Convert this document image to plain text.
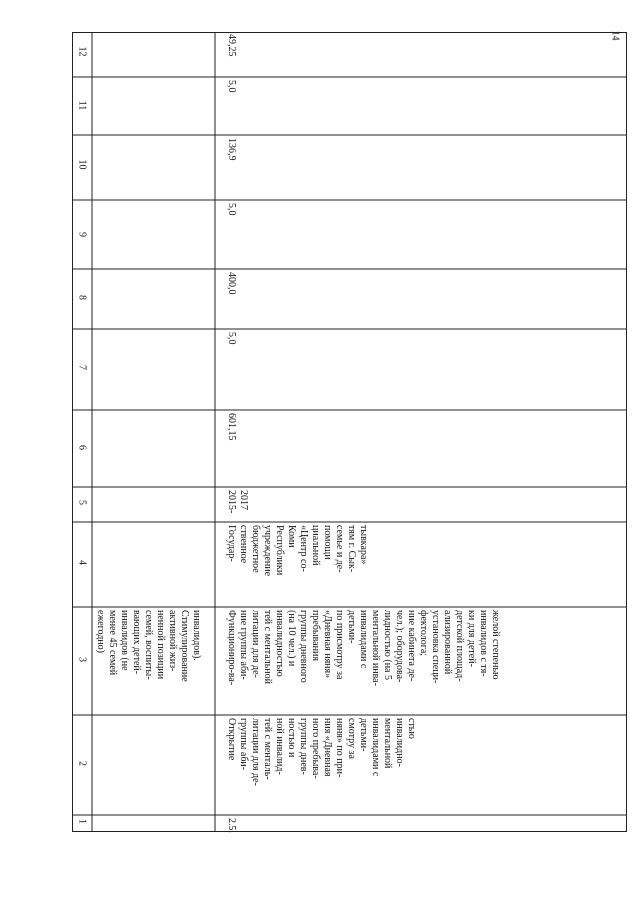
14
1
2
3
4
5
6
7
8
9
10
11
12
инвалидов).
Стимулирование
активной жиз-
ненной позиции
семей, воспиты-
вающих детей-
инвалидов (не
менее 45 семей
ежегодно)
49,25
2.5.
Открытие группы аби- литации для де- тей с менталь- ной инвалид- ностью и группы днев- ного пребыва- ния «Дневная няня» по при- смотру за детьми- инвалидами с ментальной инвалидно- стью
Функциониро-ва- ние группы аби- литации для де- тей с ментальной инвалидностью (на 10 чел.) и группы дневного пребывания «Дневная няня» по присмотру за детьми- инвалидами с ментальной инва- лидностью (на 5 чел.); оборудова- ние кабинета де- фектолога; установка специ- ализированной детской площад- ки для детей- инвалидов с тя- желой степенью
Государ- ственное бюджетное учреждение Республики Коми «Центр со- циальной помощи семье и де- тям г. Сык- тывкара»
2015- 2017
601,15
5,0
400,0
5,0
136,9
5,0
